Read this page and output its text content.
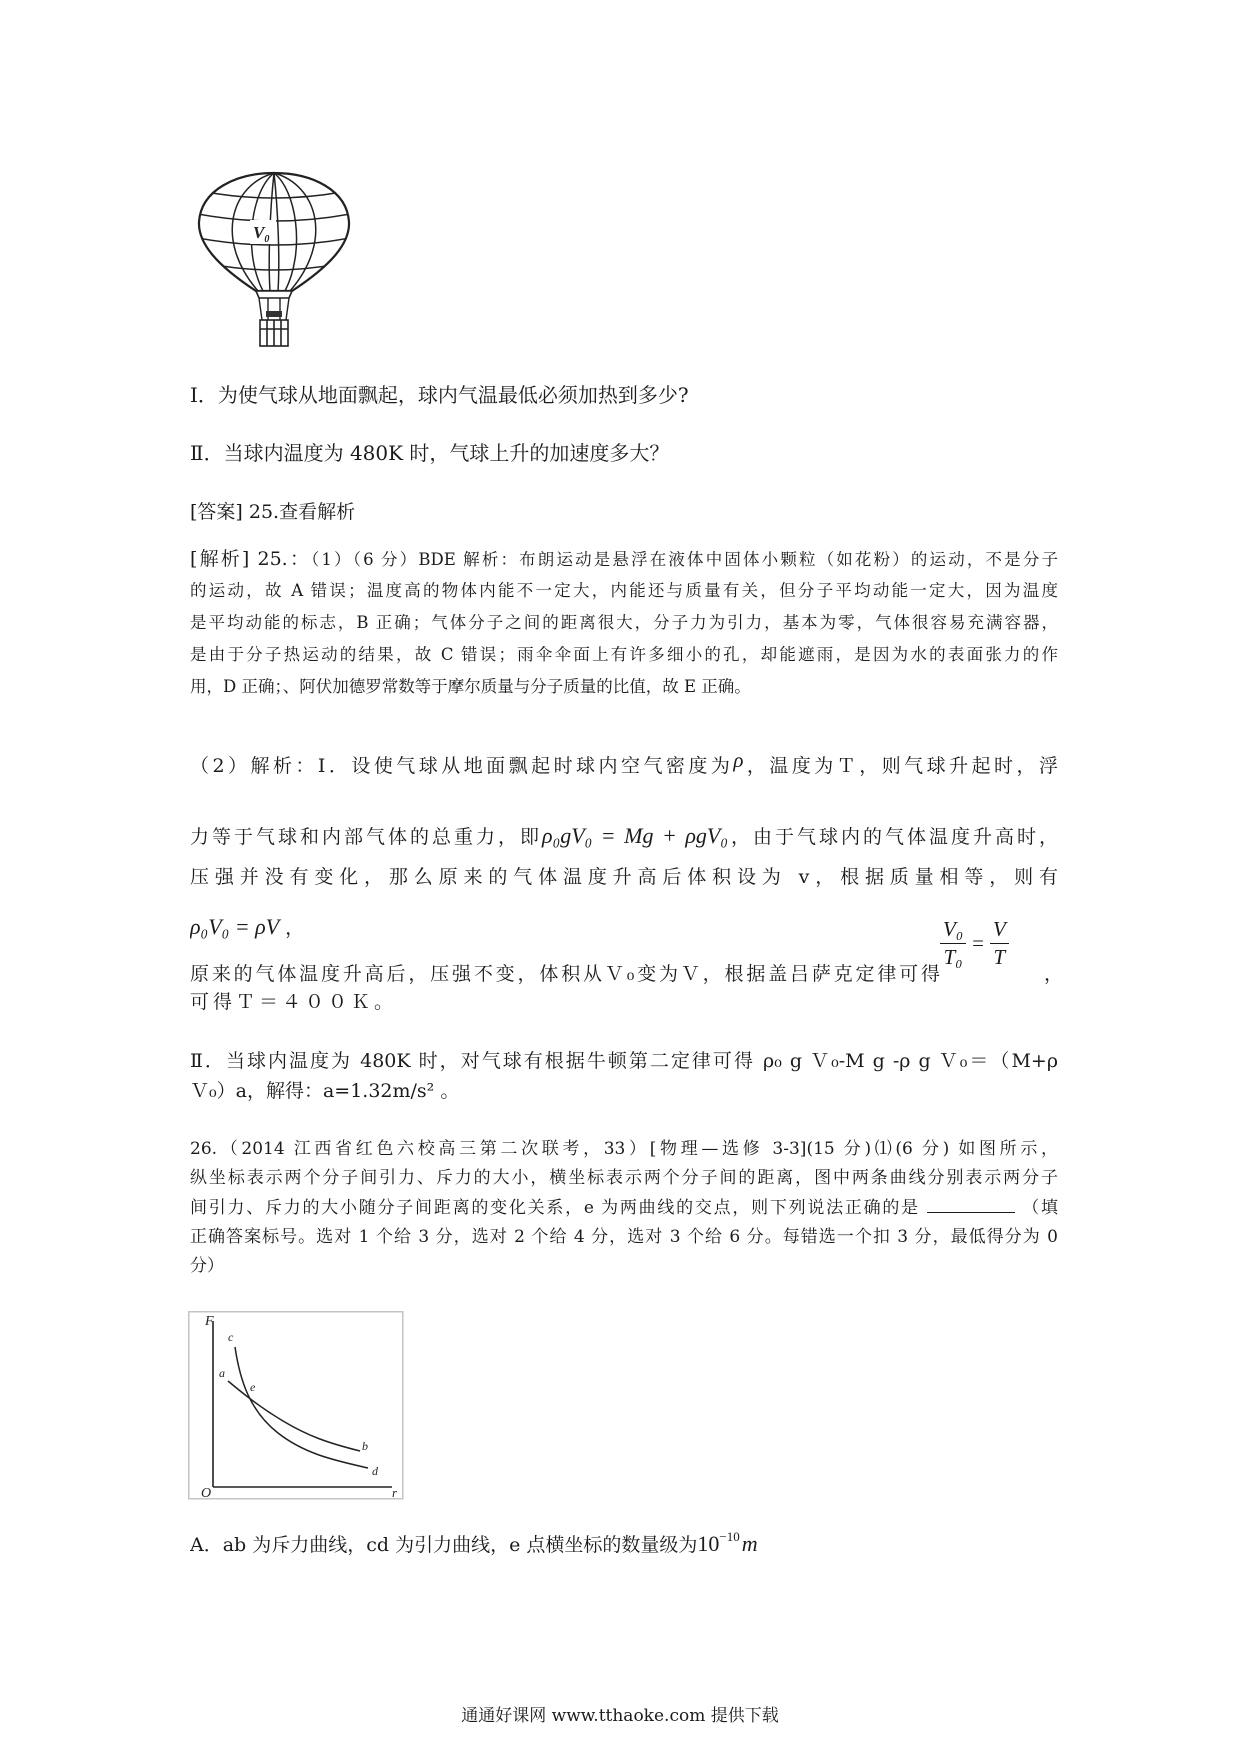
$V_0$
Ⅰ．为使气球从地面飘起，球内气温最低必须加热到多少?
Ⅱ．当球内温度为 480K 时，气球上升的加速度多大？
[答案] 25.查看解析
[解析] 25.：（1）（6 分）BDE 解析：布朗运动是悬浮在液体中固体小颗粒（如花粉）的运动，不是分子
的运动，故 A 错误；温度高的物体内能不一定大，内能还与质量有关，但分子平均动能一定大，因为温度
是平均动能的标志，B 正确；气体分子之间的距离很大，分子力为引力，基本为零，气体很容易充满容器，
是由于分子热运动的结果，故 C 错误；雨伞伞面上有许多细小的孔，却能遮雨，是因为水的表面张力的作
用，D 正确；、阿伏加德罗常数等于摩尔质量与分子质量的比值，故 E 正确。
（2）解析：Ⅰ．设使气球从地面飘起时球内空气密度为ρ，温度为Ｔ，则气球升起时，浮
力等于气球和内部气体的总重力，即ρ₀gV₀ = Mg + ρgV₀，由于气球内的气体温度升高时，
压强并没有变化，那么原来的气体温度升高后体积设为 v，根据质量相等，则有
ρ₀V₀ = ρV ，	$\frac{\text{V₀}}{\text{T₀}} = \frac{V}{T}$
原来的气体温度升高后，压强不变，体积从Ｖ₀变为Ｖ，根据盖吕萨克定律可得	，
可得Ｔ＝４００Ｋ。
Ⅱ．当球内温度为 480K 时，对气球有根据牛顿第二定律可得 ρ₀ g Ｖ₀-M g -ρ g Ｖ₀＝（M+ρ
Ｖ₀）a，解得：a=1.32m/s² 。
26.（2014 江西省红色六校高三第二次联考，33）[物理—选修 3-3](15 分)⑴(6 分) 如图所示，
纵坐标表示两个分子间引力、斥力的大小，横坐标表示两个分子间的距离，图中两条曲线分别表示两分子
间引力、斥力的大小随分子间距离的变化关系，e 为两曲线的交点，则下列说法正确的是	（填
正确答案标号。选对 1 个给 3 分，选对 2 个给 4 分，选对 3 个给 6 分。每错选一个扣 3 分，最低得分为 0
分）
F
O	r
c
a
e
b
d
A．ab 为斥力曲线，cd 为引力曲线，e 点横坐标的数量级为$10^{-10}m$
通通好课网 www.tthaoke.com 提供下载
